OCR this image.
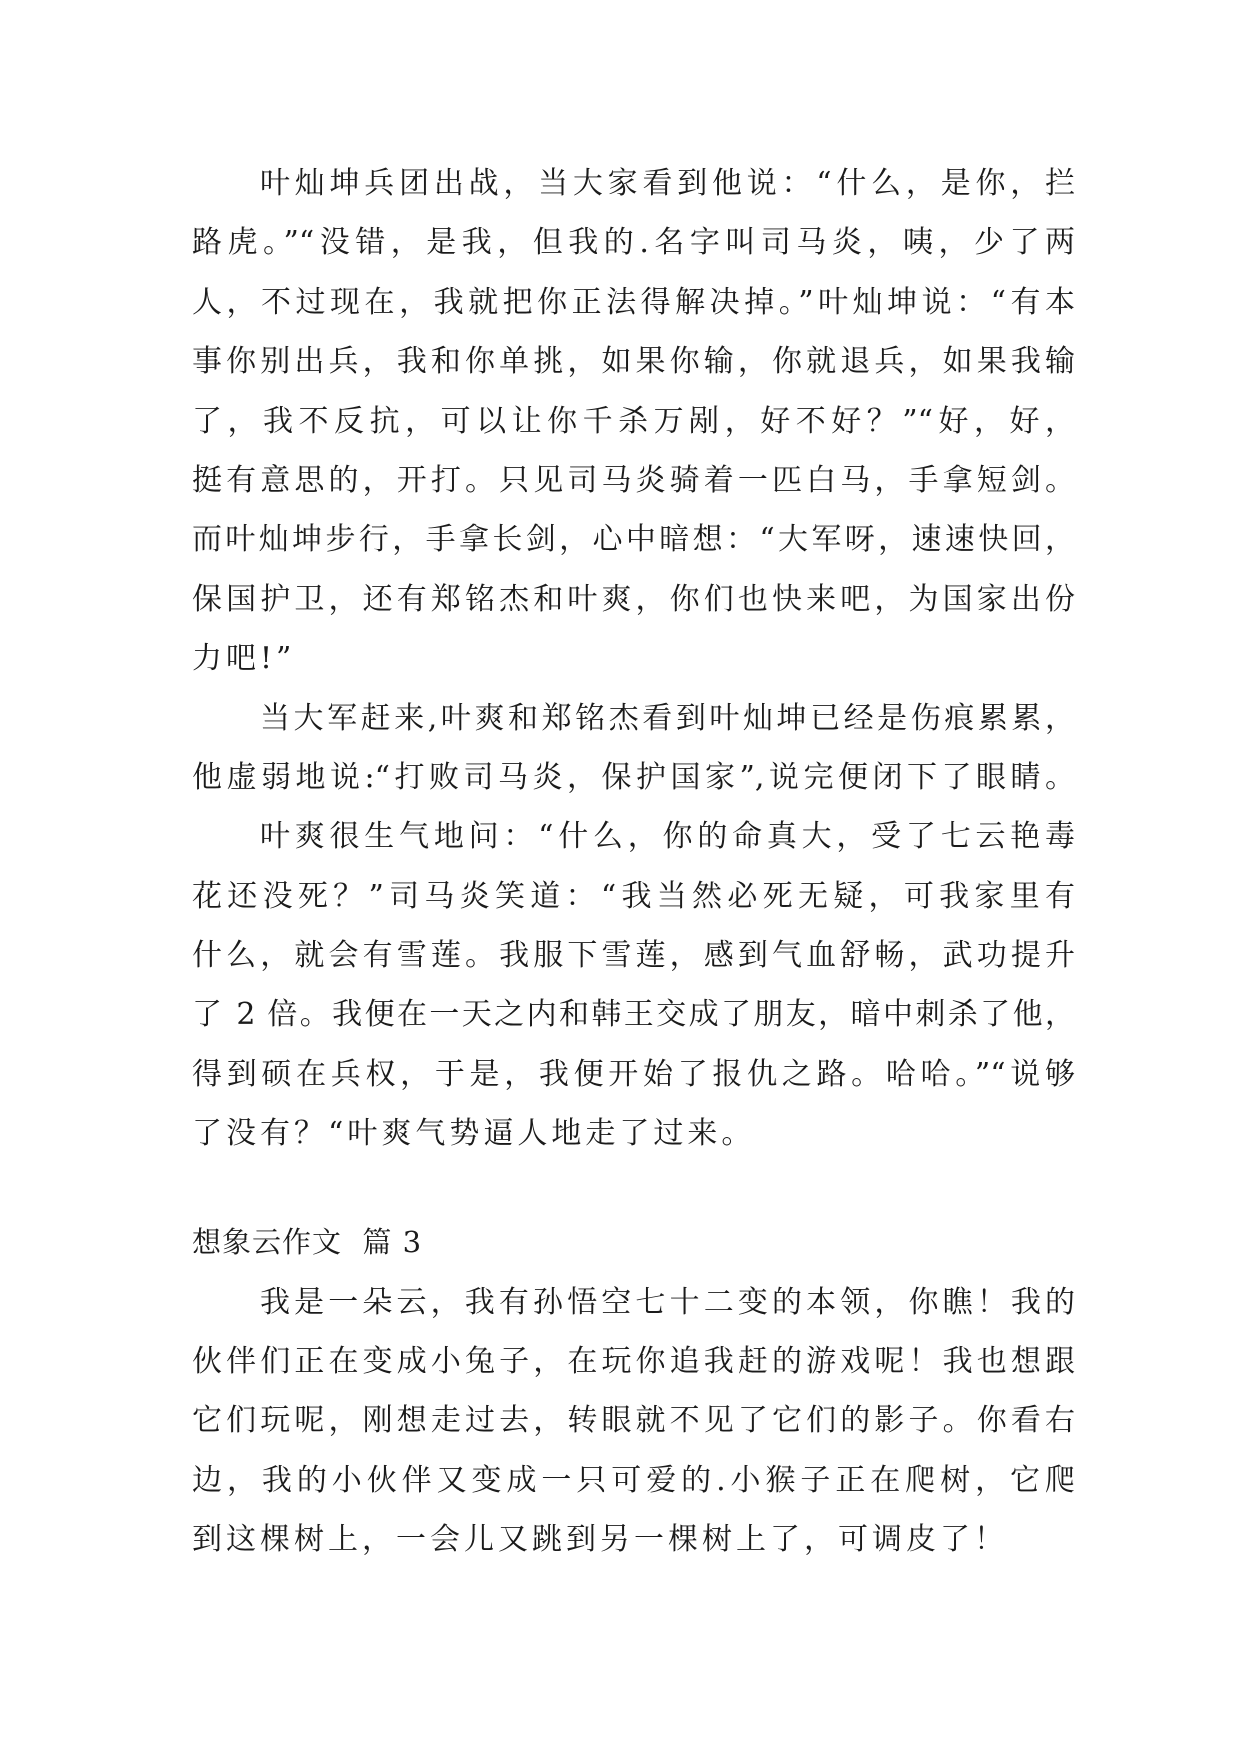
叶灿坤兵团出战，当大家看到他说：“什么，是你，拦
路虎。”“没错，是我，但我的.名字叫司马炎，咦，少了两
人，不过现在，我就把你正法得解决掉。”叶灿坤说：“有本
事你别出兵，我和你单挑，如果你输，你就退兵，如果我输
了，我不反抗，可以让你千杀万剐，好不好？”“好，好，
挺有意思的，开打。只见司马炎骑着一匹白马，手拿短剑。
而叶灿坤步行，手拿长剑，心中暗想：“大军呀，速速快回，
保国护卫，还有郑铭杰和叶爽，你们也快来吧，为国家出份
力吧!”
当大军赶来,叶爽和郑铭杰看到叶灿坤已经是伤痕累累，
他虚弱地说:“打败司马炎，保护国家”,说完便闭下了眼睛。
叶爽很生气地问：“什么，你的命真大，受了七云艳毒
花还没死？”司马炎笑道：“我当然必死无疑，可我家里有
什么，就会有雪莲。我服下雪莲，感到气血舒畅，武功提升
了 2 倍。我便在一天之内和韩王交成了朋友，暗中刺杀了他，
得到硕在兵权，于是，我便开始了报仇之路。哈哈。”“说够
了没有？“叶爽气势逼人地走了过来。
想象云作文  篇 3
我是一朵云，我有孙悟空七十二变的本领，你瞧！我的
伙伴们正在变成小兔子，在玩你追我赶的游戏呢！我也想跟
它们玩呢，刚想走过去，转眼就不见了它们的影子。你看右
边，我的小伙伴又变成一只可爱的.小猴子正在爬树，它爬
到这棵树上，一会儿又跳到另一棵树上了，可调皮了！
